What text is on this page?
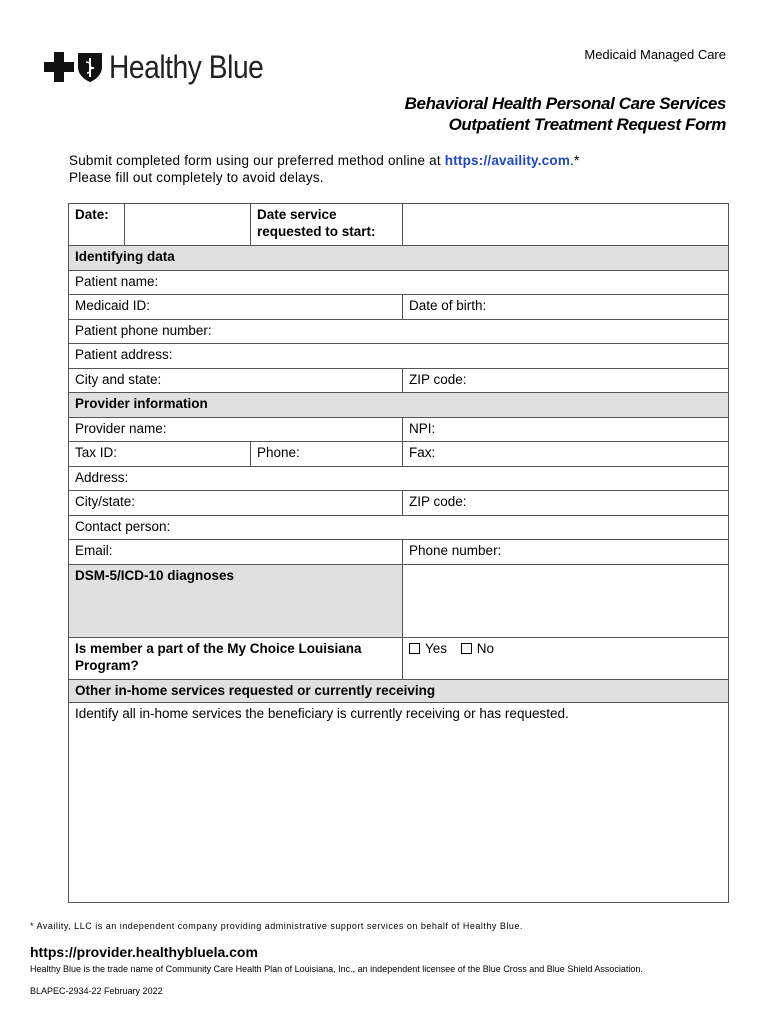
Healthy Blue	Medicaid Managed Care
Behavioral Health Personal Care Services
Outpatient Treatment Request Form
Submit completed form using our preferred method online at https://availity.com.*
Please fill out completely to avoid delays.
Date:		Date service requested to start:	
Identifying data			
Patient name:			
Medicaid ID:			Date of birth:
Patient phone number:			
Patient address:			
City and state:			ZIP code:
Provider information			
Provider name:			NPI:
Tax ID:		Phone:	Fax:
Address:			
City/state:			ZIP code:
Contact person:			
Email:			Phone number:
DSM-5/ICD-10 diagnoses			
Is member a part of the My Choice Louisiana Program?			Yes No
Other in-home services requested or currently receiving			
Identify all in-home services the beneficiary is currently receiving or has requested.			
* Availity, LLC is an independent company providing administrative support services on behalf of Healthy Blue.
https://provider.healthybluela.com
Healthy Blue is the trade name of Community Care Health Plan of Louisiana, Inc., an independent licensee of the Blue Cross and Blue Shield Association.
BLAPEC-2934-22 February 2022
